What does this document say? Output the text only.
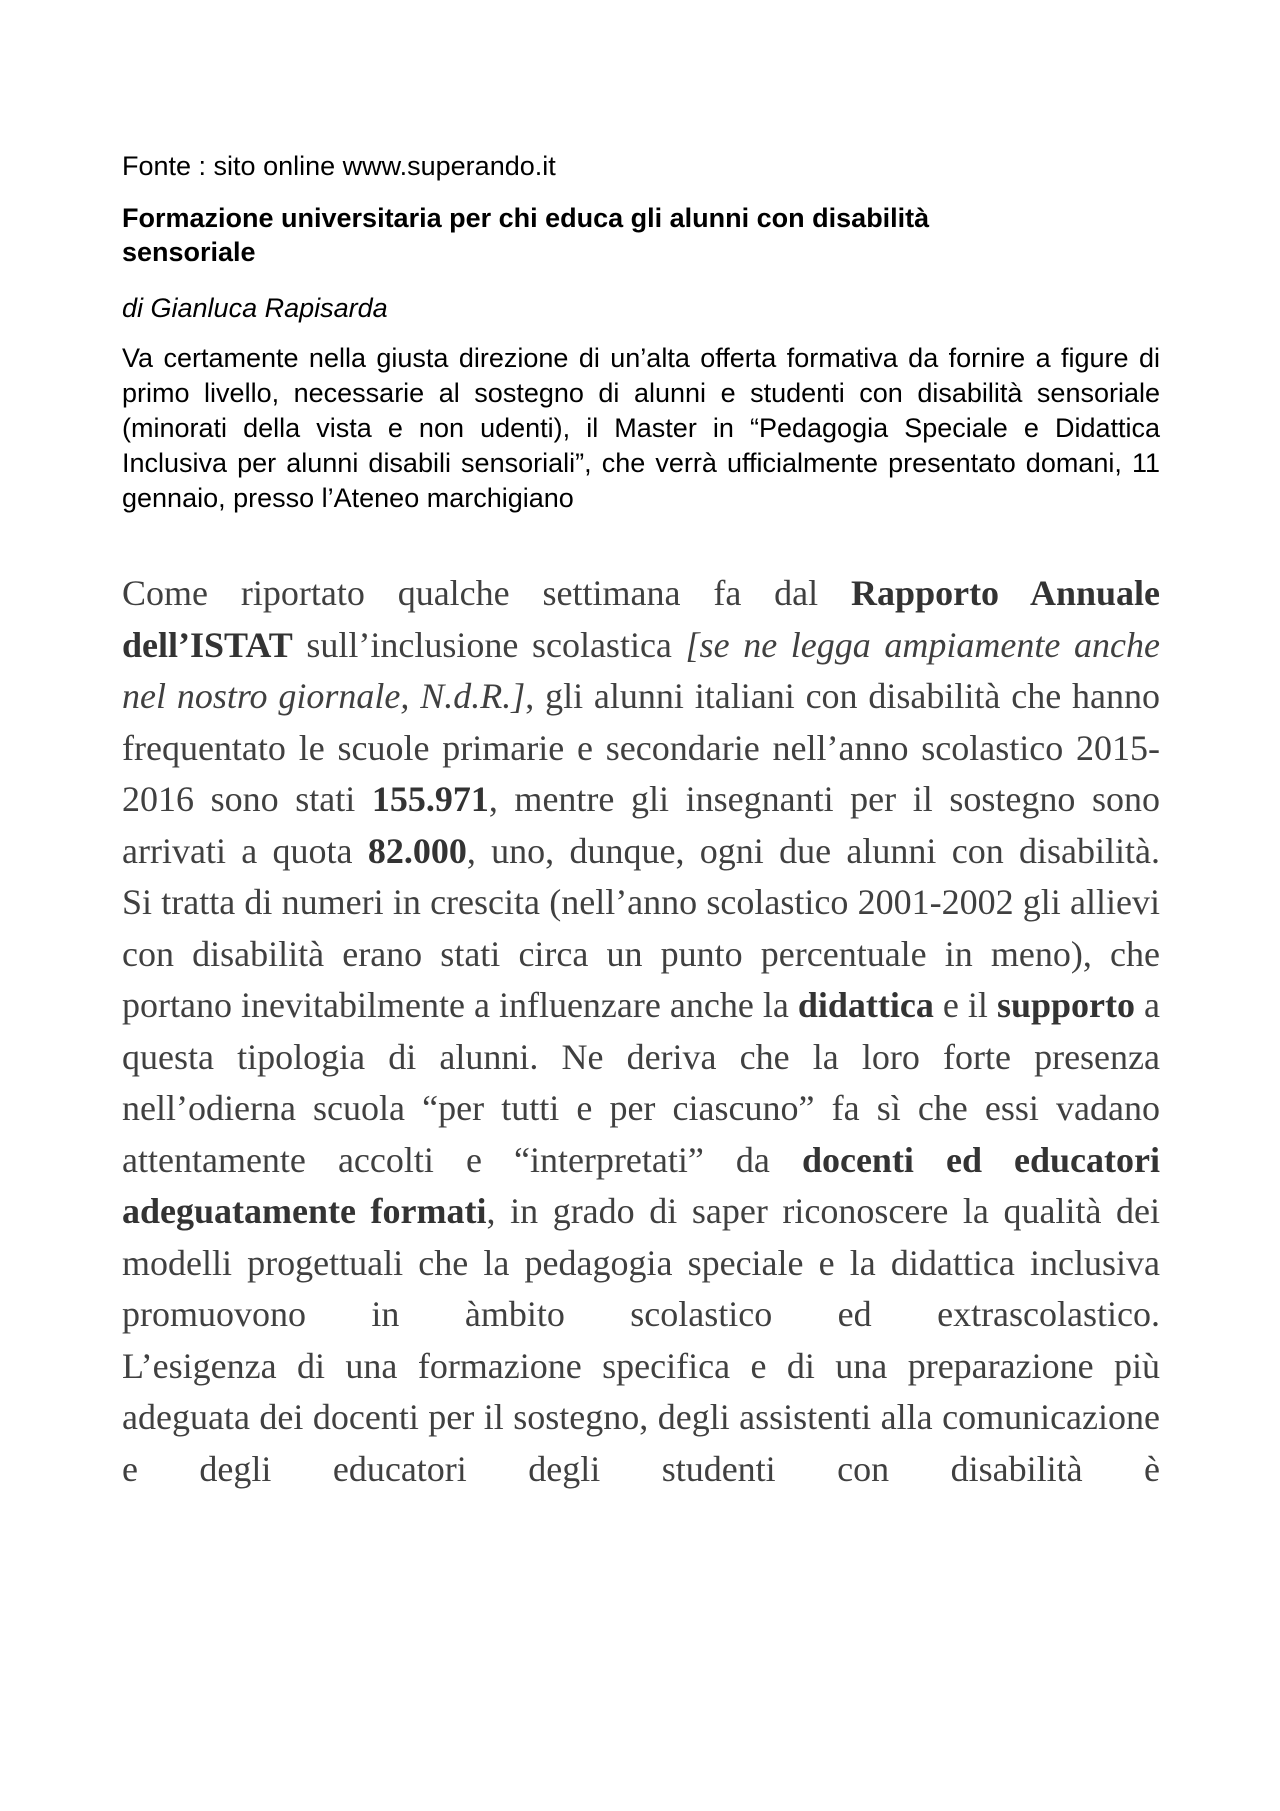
Fonte : sito online www.superando.it
Formazione universitaria per chi educa gli alunni con disabilità
sensoriale
di Gianluca Rapisarda

Va certamente nella giusta direzione di un’alta offerta formativa da fornire a figure di primo livello, necessarie al sostegno di alunni e studenti con disabilità sensoriale (minorati della vista e non udenti), il Master in “Pedagogia Speciale e Didattica Inclusiva per alunni disabili sensoriali”, che verrà ufficialmente presentato domani, 11 gennaio, presso l’Ateneo marchigiano

Come riportato qualche settimana fa dal Rapporto Annuale dell’ISTAT sull’inclusione scolastica [se ne legga ampiamente anche nel nostro giornale, N.d.R.], gli alunni italiani con disabilità che hanno frequentato le scuole primarie e secondarie nell’anno scolastico 2015-2016 sono stati 155.971, mentre gli insegnanti per il sostegno sono arrivati a quota 82.000, uno, dunque, ogni due alunni con disabilità.

Si tratta di numeri in crescita (nell’anno scolastico 2001-2002 gli allievi con disabilità erano stati circa un punto percentuale in meno), che portano inevitabilmente a influenzare anche la didattica e il supporto a questa tipologia di alunni. Ne deriva che la loro forte presenza nell’odierna scuola “per tutti e per ciascuno” fa sì che essi vadano attentamente accolti e “interpretati” da docenti ed educatori adeguatamente formati, in grado di saper riconoscere la qualità dei modelli progettuali che la pedagogia speciale e la didattica inclusiva promuovono in àmbito scolastico ed extrascolastico.

L’esigenza di una formazione specifica e di una preparazione più adeguata dei docenti per il sostegno, degli assistenti alla comunicazione e degli educatori degli studenti con disabilità è
